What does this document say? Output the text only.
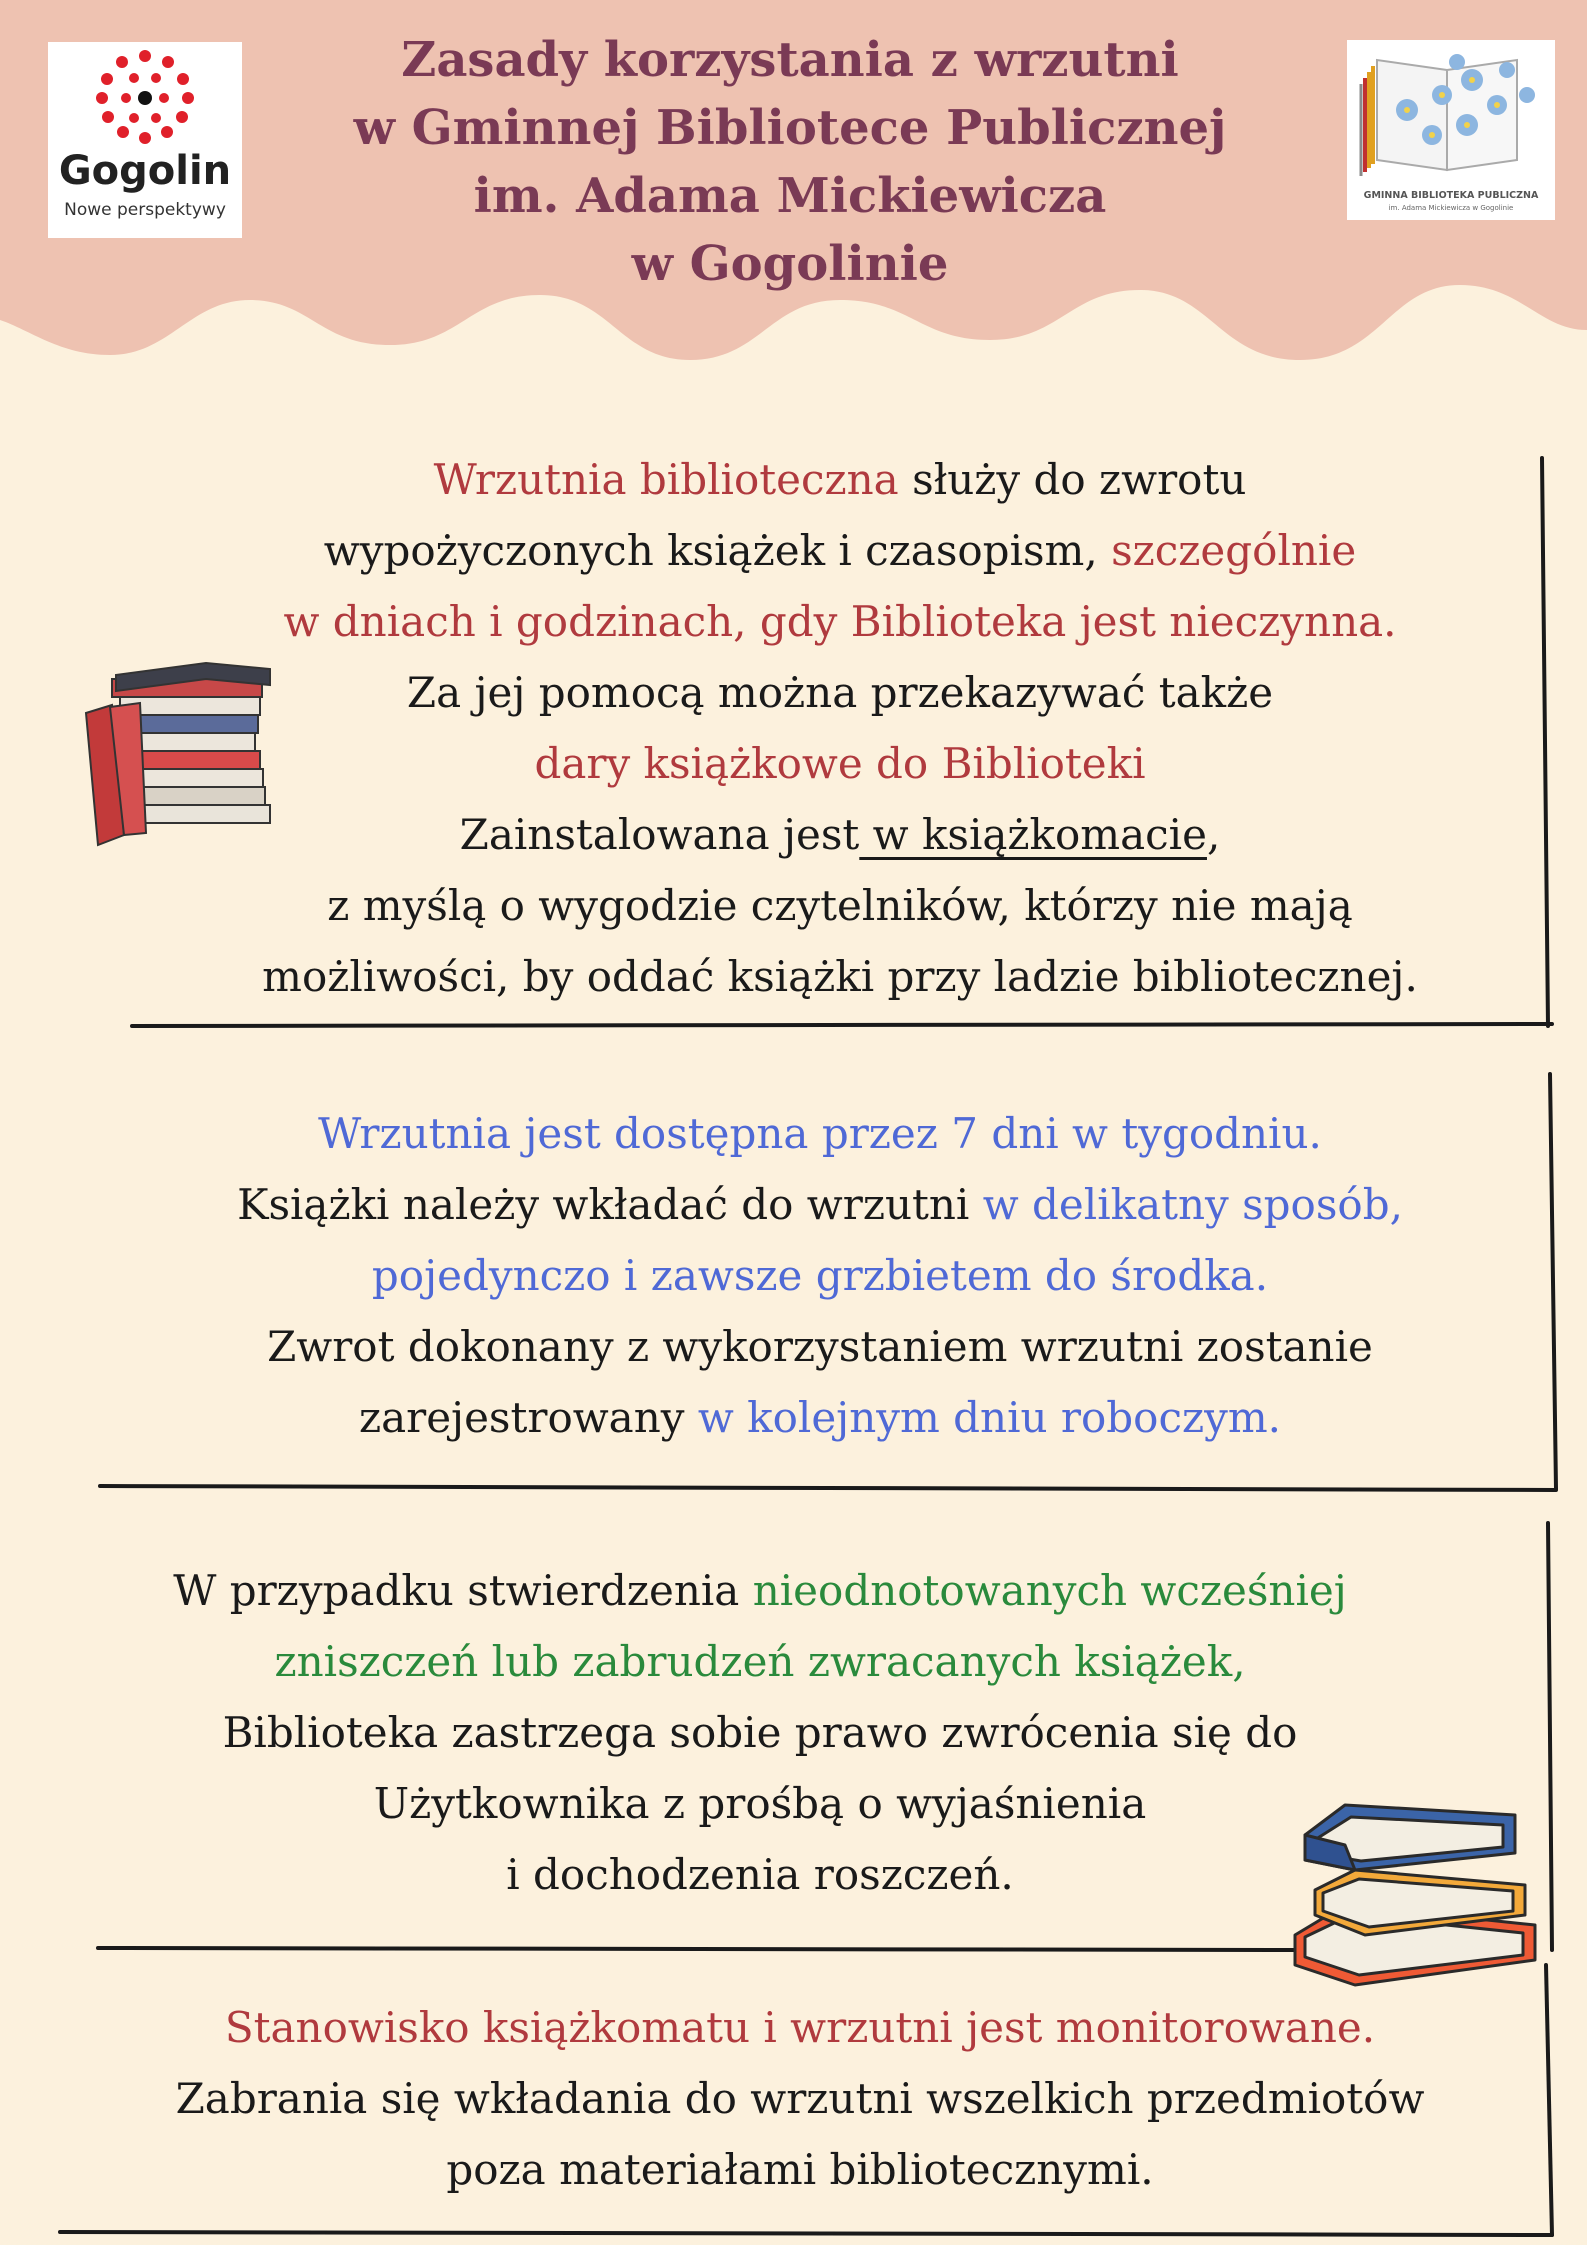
Gogolin
Nowe perspektywy
GMINNA BIBLIOTEKA PUBLICZNA
im. Adama Mickiewicza w Gogolinie
Zasady korzystania z wrzutni
w Gminnej Bibliotece Publicznej
im. Adama Mickiewicza
w Gogolinie
Wrzutnia biblioteczna służy do zwrotu
wypożyczonych książek i czasopism, szczególnie
w dniach i godzinach, gdy Biblioteka jest nieczynna.
Za jej pomocą można przekazywać także
dary książkowe do Biblioteki
Zainstalowana jest w książkomacie,
z myślą o wygodzie czytelników, którzy nie mają
możliwości, by oddać książki przy ladzie bibliotecznej.
Wrzutnia jest dostępna przez 7 dni w tygodniu.
Książki należy wkładać do wrzutni w delikatny sposób,
pojedynczo i zawsze grzbietem do środka.
Zwrot dokonany z wykorzystaniem wrzutni zostanie
zarejestrowany w kolejnym dniu roboczym.
W przypadku stwierdzenia nieodnotowanych wcześniej
zniszczeń lub zabrudzeń zwracanych książek,
Biblioteka zastrzega sobie prawo zwrócenia się do
Użytkownika z prośbą o wyjaśnienia
i dochodzenia roszczeń.
Stanowisko książkomatu i wrzutni jest monitorowane.
Zabrania się wkładania do wrzutni wszelkich przedmiotów
poza materiałami bibliotecznymi.
